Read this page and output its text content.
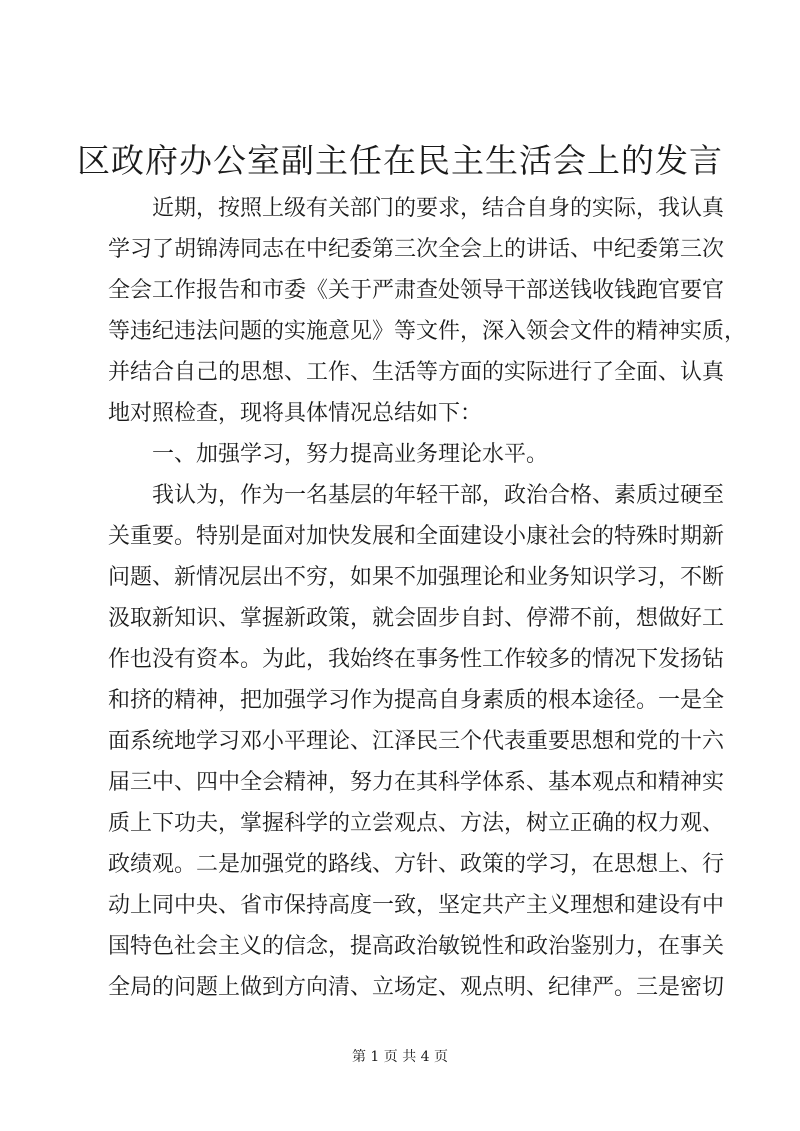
区政府办公室副主任在民主生活会上的发言
近期，按照上级有关部门的要求，结合自身的实际，我认真
学习了胡锦涛同志在中纪委第三次全会上的讲话、中纪委第三次
全会工作报告和市委《关于严肃查处领导干部送钱收钱跑官要官
等违纪违法问题的实施意见》等文件，深入领会文件的精神实质，
并结合自己的思想、工作、生活等方面的实际进行了全面、认真
地对照检查，现将具体情况总结如下：
一、加强学习，努力提高业务理论水平。
我认为，作为一名基层的年轻干部，政治合格、素质过硬至
关重要。特别是面对加快发展和全面建设小康社会的特殊时期新
问题、新情况层出不穷，如果不加强理论和业务知识学习，不断
汲取新知识、掌握新政策，就会固步自封、停滞不前，想做好工
作也没有资本。为此，我始终在事务性工作较多的情况下发扬钻
和挤的精神，把加强学习作为提高自身素质的根本途径。一是全
面系统地学习邓小平理论、江泽民三个代表重要思想和党的十六
届三中、四中全会精神，努力在其科学体系、基本观点和精神实
质上下功夫，掌握科学的立尝观点、方法，树立正确的权力观、
政绩观。二是加强党的路线、方针、政策的学习，在思想上、行
动上同中央、省市保持高度一致，坚定共产主义理想和建设有中
国特色社会主义的信念，提高政治敏锐性和政治鉴别力，在事关
全局的问题上做到方向清、立场定、观点明、纪律严。三是密切
第 1 页 共 4 页
